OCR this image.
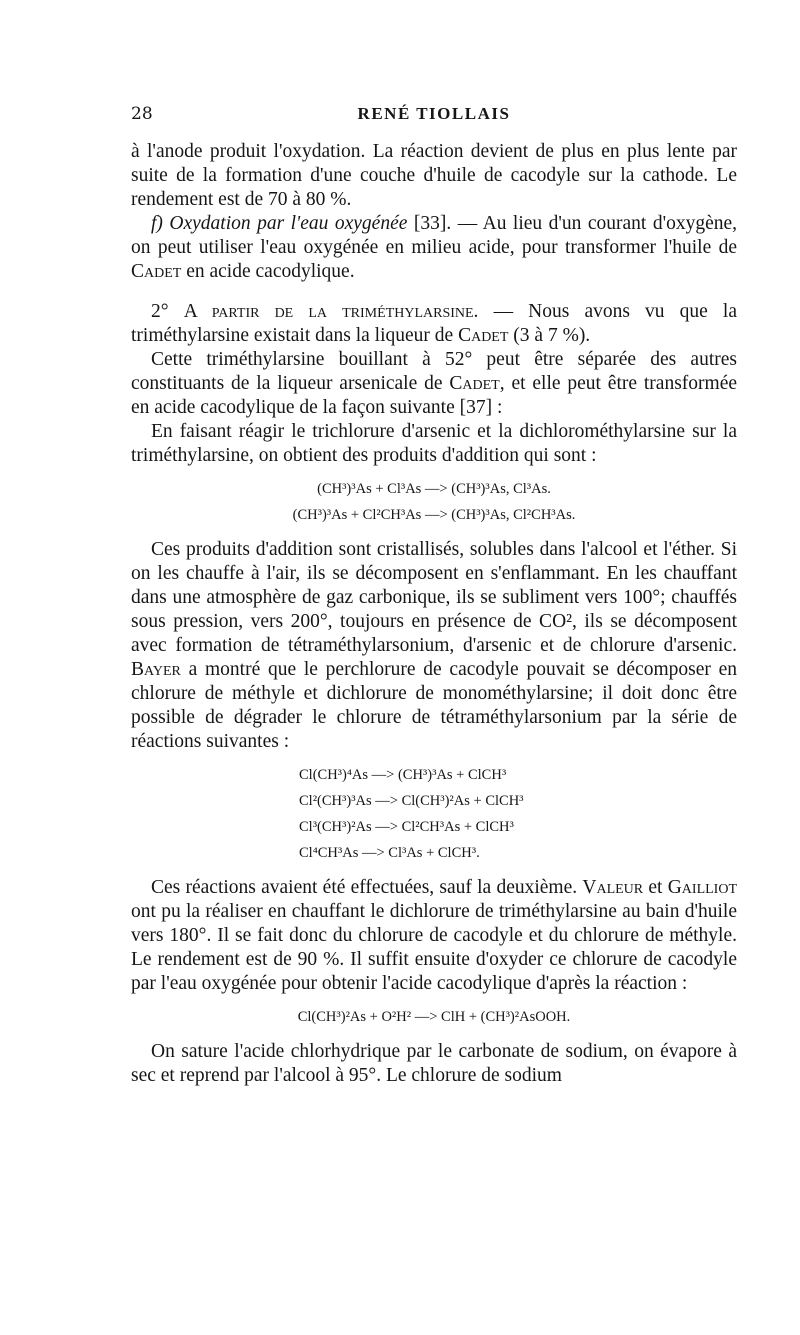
28	RENÉ TIOLLAIS

à l'anode produit l'oxydation. La réaction devient de plus en plus lente par suite de la formation d'une couche d'huile de cacodyle sur la cathode. Le rendement est de 70 à 80 %.

f) Oxydation par l'eau oxygénée [33]. — Au lieu d'un courant d'oxygène, on peut utiliser l'eau oxygénée en milieu acide, pour transformer l'huile de Cadet en acide cacodylique.

2° A partir de la triméthylarsine. — Nous avons vu que la triméthylarsine existait dans la liqueur de Cadet (3 à 7 %).

Cette triméthylarsine bouillant à 52° peut être séparée des autres constituants de la liqueur arsenicale de Cadet, et elle peut être transformée en acide cacodylique de la façon suivante [37] :

En faisant réagir le trichlorure d'arsenic et la dichlorométhylarsine sur la triméthylarsine, on obtient des produits d'addition qui sont :

(CH³)³As + Cl³As —> (CH³)³As, Cl³As.
(CH³)³As + Cl²CH³As —> (CH³)³As, Cl²CH³As.

Ces produits d'addition sont cristallisés, solubles dans l'alcool et l'éther. Si on les chauffe à l'air, ils se décomposent en s'enflammant. En les chauffant dans une atmosphère de gaz carbonique, ils se subliment vers 100°; chauffés sous pression, vers 200°, toujours en présence de CO², ils se décomposent avec formation de tétraméthylarsonium, d'arsenic et de chlorure d'arsenic. Bayer a montré que le perchlorure de cacodyle pouvait se décomposer en chlorure de méthyle et dichlorure de monométhylarsine; il doit donc être possible de dégrader le chlorure de tétraméthylarsonium par la série de réactions suivantes :

Cl(CH³)⁴As —> (CH³)³As + ClCH³
Cl²(CH³)³As —> Cl(CH³)²As + ClCH³
Cl³(CH³)²As —> Cl²CH³As + ClCH³
Cl⁴CH³As —> Cl³As + ClCH³.

Ces réactions avaient été effectuées, sauf la deuxième. Valeur et Gailliot ont pu la réaliser en chauffant le dichlorure de triméthylarsine au bain d'huile vers 180°. Il se fait donc du chlorure de cacodyle et du chlorure de méthyle. Le rendement est de 90 %. Il suffit ensuite d'oxyder ce chlorure de cacodyle par l'eau oxygénée pour obtenir l'acide cacodylique d'après la réaction :

Cl(CH³)²As + O²H² —> ClH + (CH³)²AsOOH.

On sature l'acide chlorhydrique par le carbonate de sodium, on évapore à sec et reprend par l'alcool à 95°. Le chlorure de sodium
